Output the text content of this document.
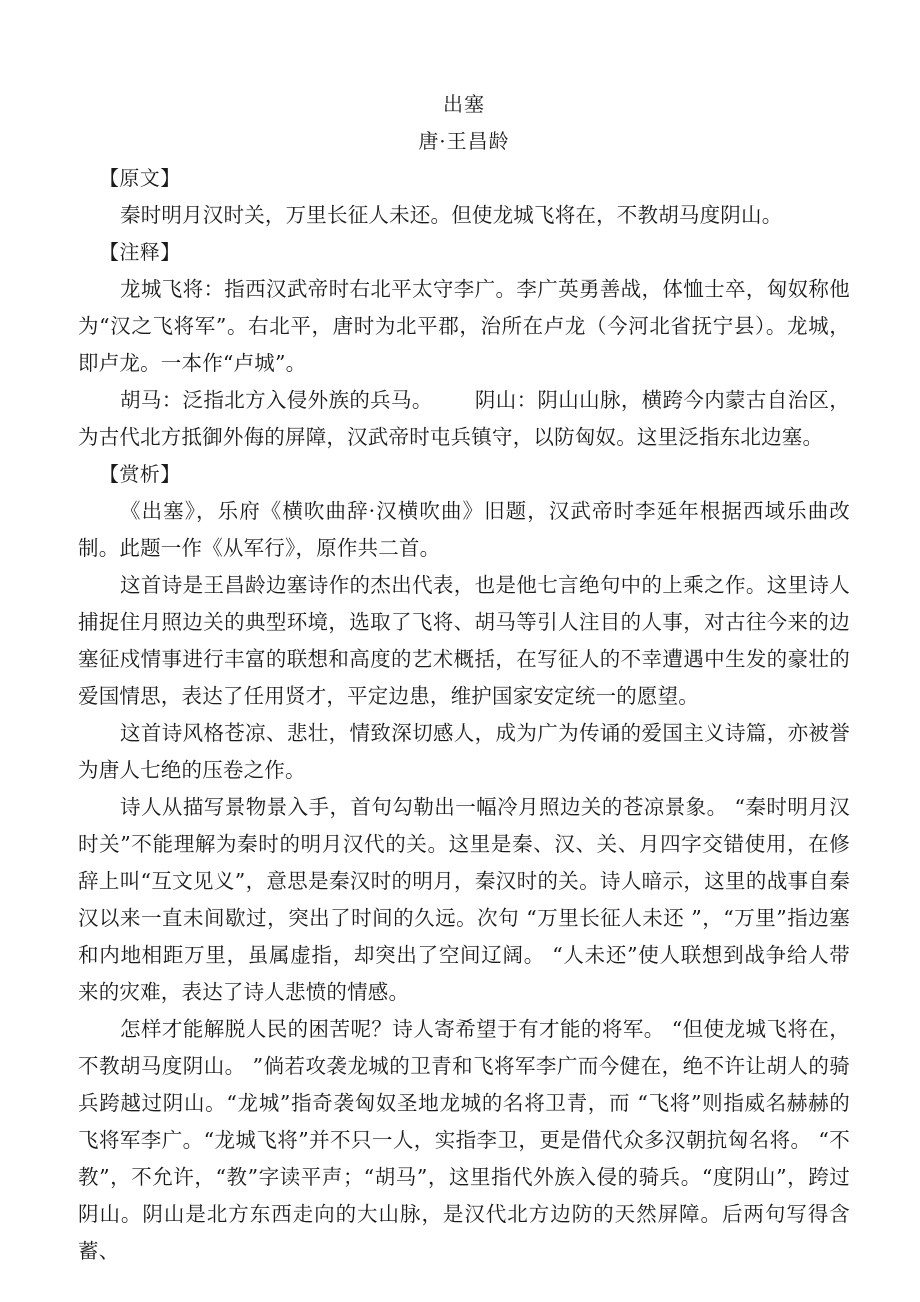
出塞
唐·王昌龄
【原文】

秦时明月汉时关，万里长征人未还。但使龙城飞将在，不教胡马度阴山。

【注释】

龙城飞将：指西汉武帝时右北平太守李广。李广英勇善战，体恤士卒，匈奴称他为“汉之飞将军”。右北平，唐时为北平郡，治所在卢龙（今河北省抚宁县）。龙城，即卢龙。一本作“卢城”。

胡马：泛指北方入侵外族的兵马。 阴山：阴山山脉，横跨今内蒙古自治区，为古代北方抵御外侮的屏障，汉武帝时屯兵镇守，以防匈奴。这里泛指东北边塞。

【赏析】

《出塞》，乐府《横吹曲辞·汉横吹曲》旧题，汉武帝时李延年根据西域乐曲改制。此题一作《从军行》，原作共二首。

这首诗是王昌龄边塞诗作的杰出代表，也是他七言绝句中的上乘之作。这里诗人捕捉住月照边关的典型环境，选取了飞将、胡马等引人注目的人事，对古往今来的边塞征戍情事进行丰富的联想和高度的艺术概括，在写征人的不幸遭遇中生发的豪壮的爱国情思，表达了任用贤才，平定边患，维护国家安定统一的愿望。

这首诗风格苍凉、悲壮，情致深切感人，成为广为传诵的爱国主义诗篇，亦被誉为唐人七绝的压卷之作。

诗人从描写景物景入手，首句勾勒出一幅冷月照边关的苍凉景象。 “秦时明月汉时关”不能理解为秦时的明月汉代的关。这里是秦、汉、关、月四字交错使用，在修辞上叫“互文见义”，意思是秦汉时的明月，秦汉时的关。诗人暗示，这里的战事自秦汉以来一直未间歇过，突出了时间的久远。次句 “万里长征人未还 ”，“万里”指边塞和内地相距万里，虽属虚指，却突出了空间辽阔。 “人未还”使人联想到战争给人带来的灾难，表达了诗人悲愤的情感。

怎样才能解脱人民的困苦呢？诗人寄希望于有才能的将军。 “但使龙城飞将在，不教胡马度阴山。 ”倘若攻袭龙城的卫青和飞将军李广而今健在，绝不许让胡人的骑兵跨越过阴山。“龙城”指奇袭匈奴圣地龙城的名将卫青，而 “飞将”则指威名赫赫的飞将军李广。“龙城飞将”并不只一人，实指李卫，更是借代众多汉朝抗匈名将。 “不教”，不允许，“教”字读平声；“胡马”，这里指代外族入侵的骑兵。“度阴山”，跨过阴山。阴山是北方东西走向的大山脉，是汉代北方边防的天然屏障。后两句写得含蓄、
